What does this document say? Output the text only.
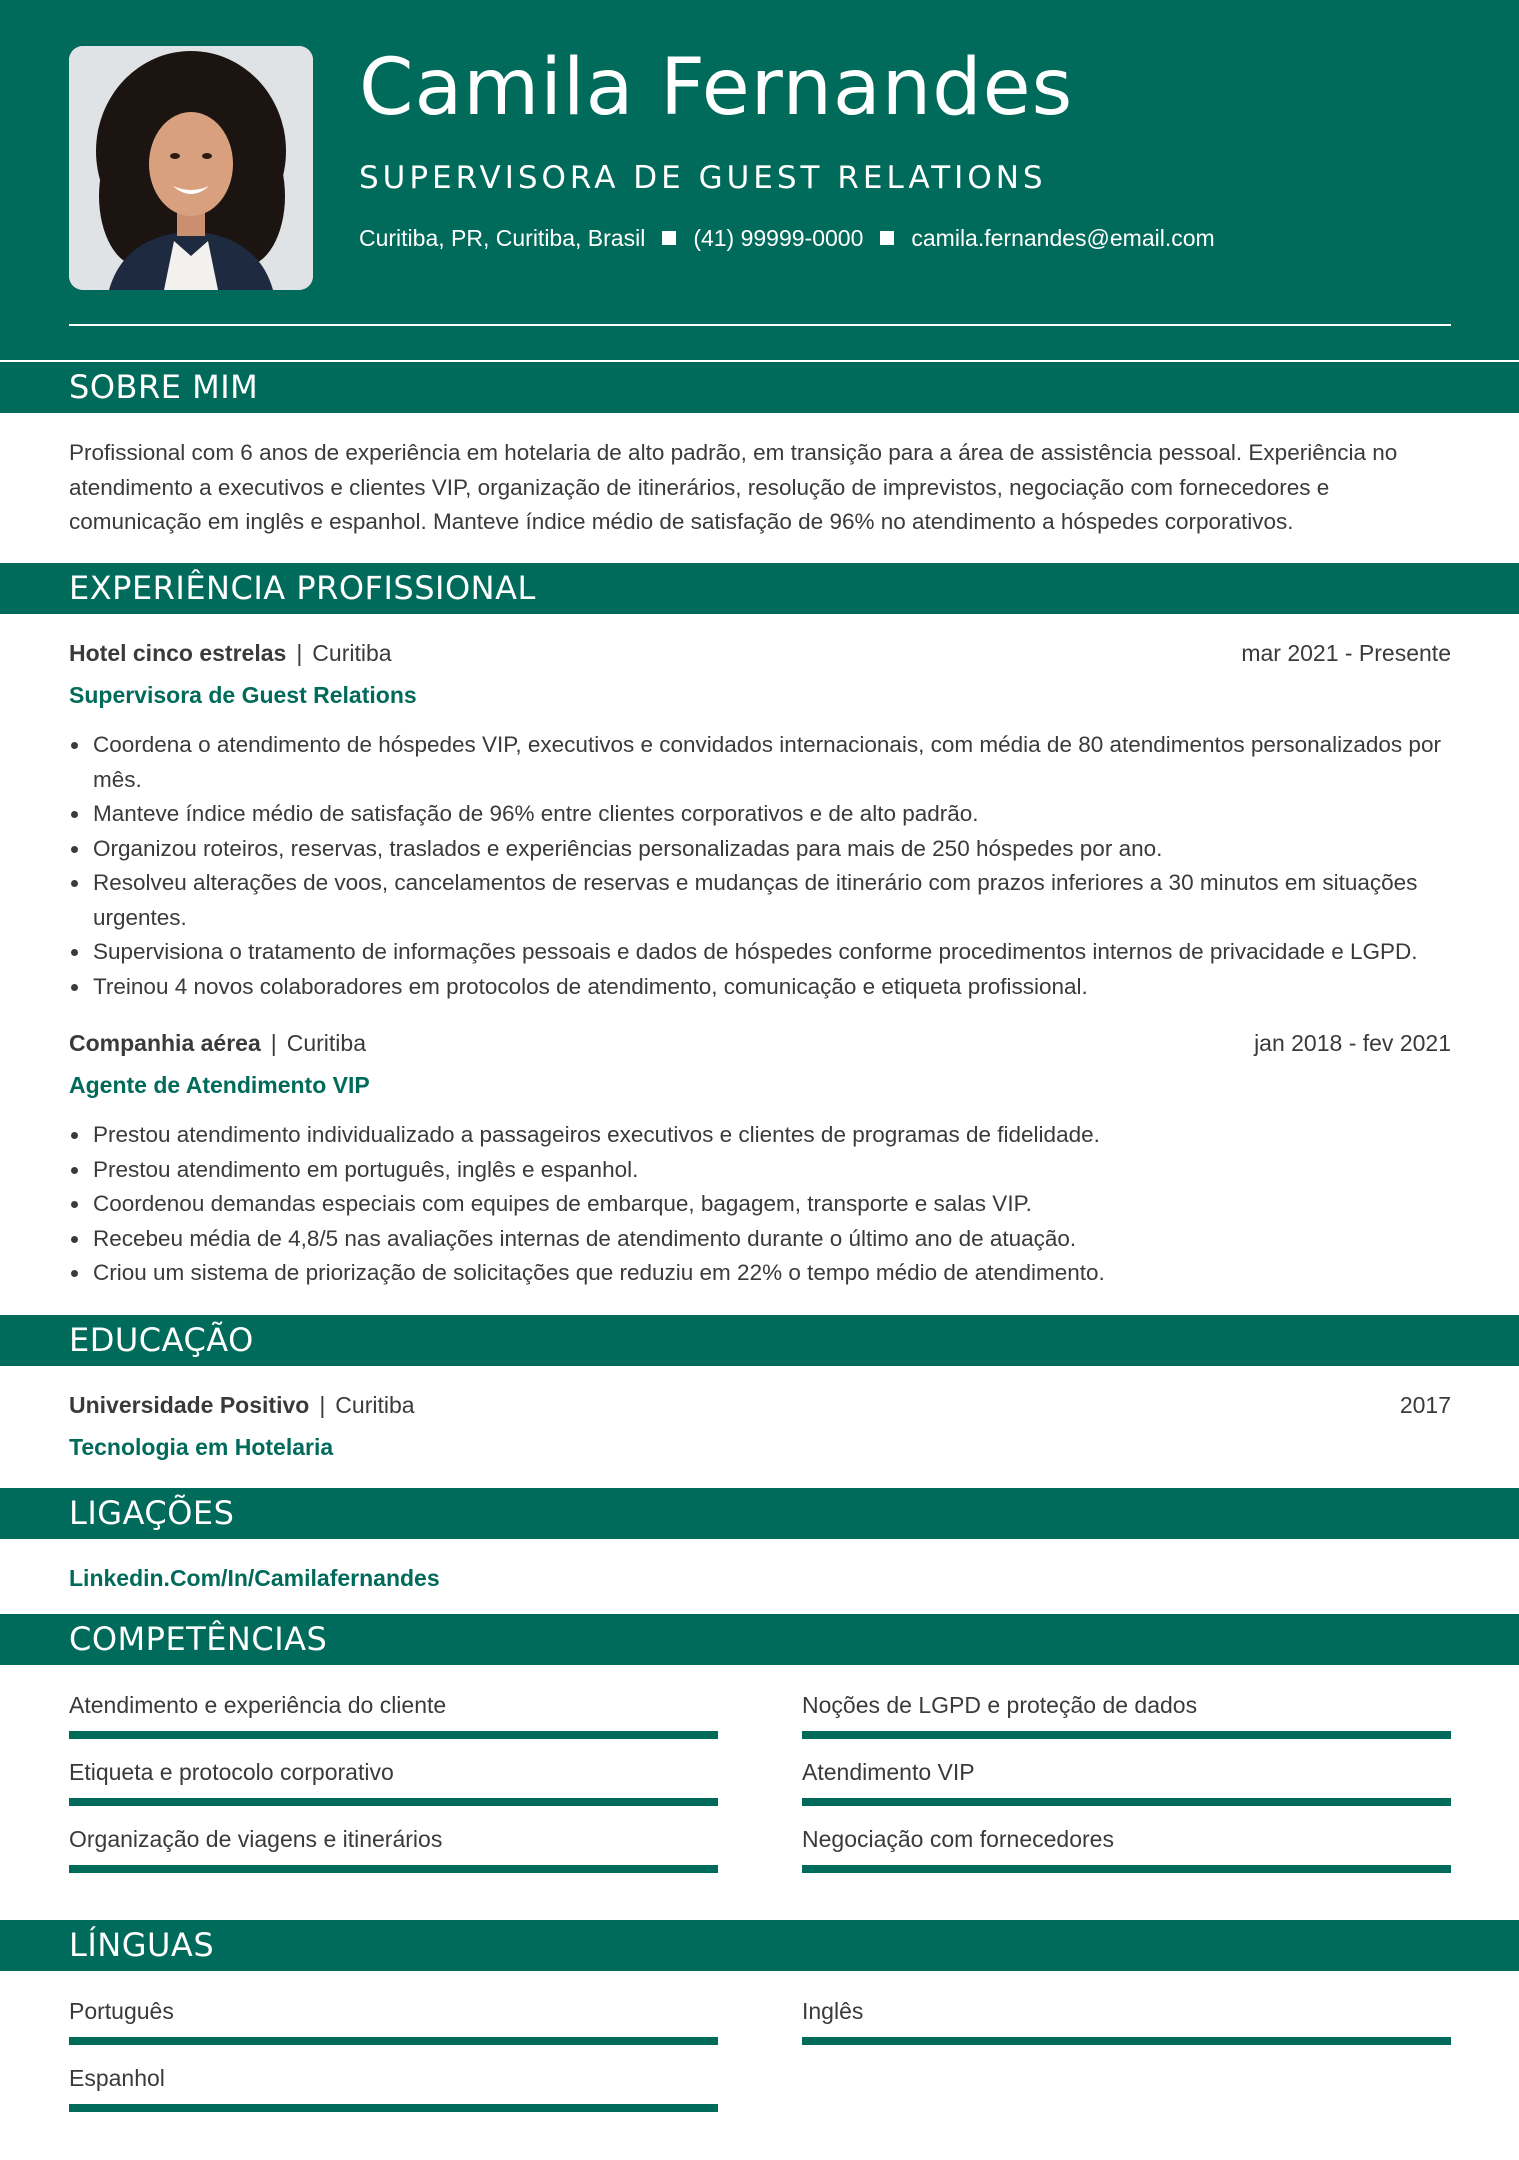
Camila Fernandes
SUPERVISORA DE GUEST RELATIONS
Curitiba, PR, Curitiba, Brasil (41) 99999-0000 camila.fernandes@email.com
SOBRE MIM
Profissional com 6 anos de experiência em hotelaria de alto padrão, em transição para a área de assistência pessoal. Experiência no atendimento a executivos e clientes VIP, organização de itinerários, resolução de imprevistos, negociação com fornecedores e comunicação em inglês e espanhol. Manteve índice médio de satisfação de 96% no atendimento a hóspedes corporativos.
EXPERIÊNCIA PROFISSIONAL
Hotel cinco estrelas | Curitiba	mar 2021 - Presente
Supervisora de Guest Relations
Coordena o atendimento de hóspedes VIP, executivos e convidados internacionais, com média de 80 atendimentos personalizados por mês.
Manteve índice médio de satisfação de 96% entre clientes corporativos e de alto padrão.
Organizou roteiros, reservas, traslados e experiências personalizadas para mais de 250 hóspedes por ano.
Resolveu alterações de voos, cancelamentos de reservas e mudanças de itinerário com prazos inferiores a 30 minutos em situações urgentes.
Supervisiona o tratamento de informações pessoais e dados de hóspedes conforme procedimentos internos de privacidade e LGPD.
Treinou 4 novos colaboradores em protocolos de atendimento, comunicação e etiqueta profissional.
Companhia aérea | Curitiba	jan 2018 - fev 2021
Agente de Atendimento VIP
Prestou atendimento individualizado a passageiros executivos e clientes de programas de fidelidade.
Prestou atendimento em português, inglês e espanhol.
Coordenou demandas especiais com equipes de embarque, bagagem, transporte e salas VIP.
Recebeu média de 4,8/5 nas avaliações internas de atendimento durante o último ano de atuação.
Criou um sistema de priorização de solicitações que reduziu em 22% o tempo médio de atendimento.
EDUCAÇÃO
Universidade Positivo | Curitiba	2017
Tecnologia em Hotelaria
LIGAÇÕES
Linkedin.Com/In/Camilafernandes
COMPETÊNCIAS
Atendimento e experiência do cliente	Noções de LGPD e proteção de dados
Etiqueta e protocolo corporativo	Atendimento VIP
Organização de viagens e itinerários	Negociação com fornecedores
LÍNGUAS
Português	Inglês
Espanhol
